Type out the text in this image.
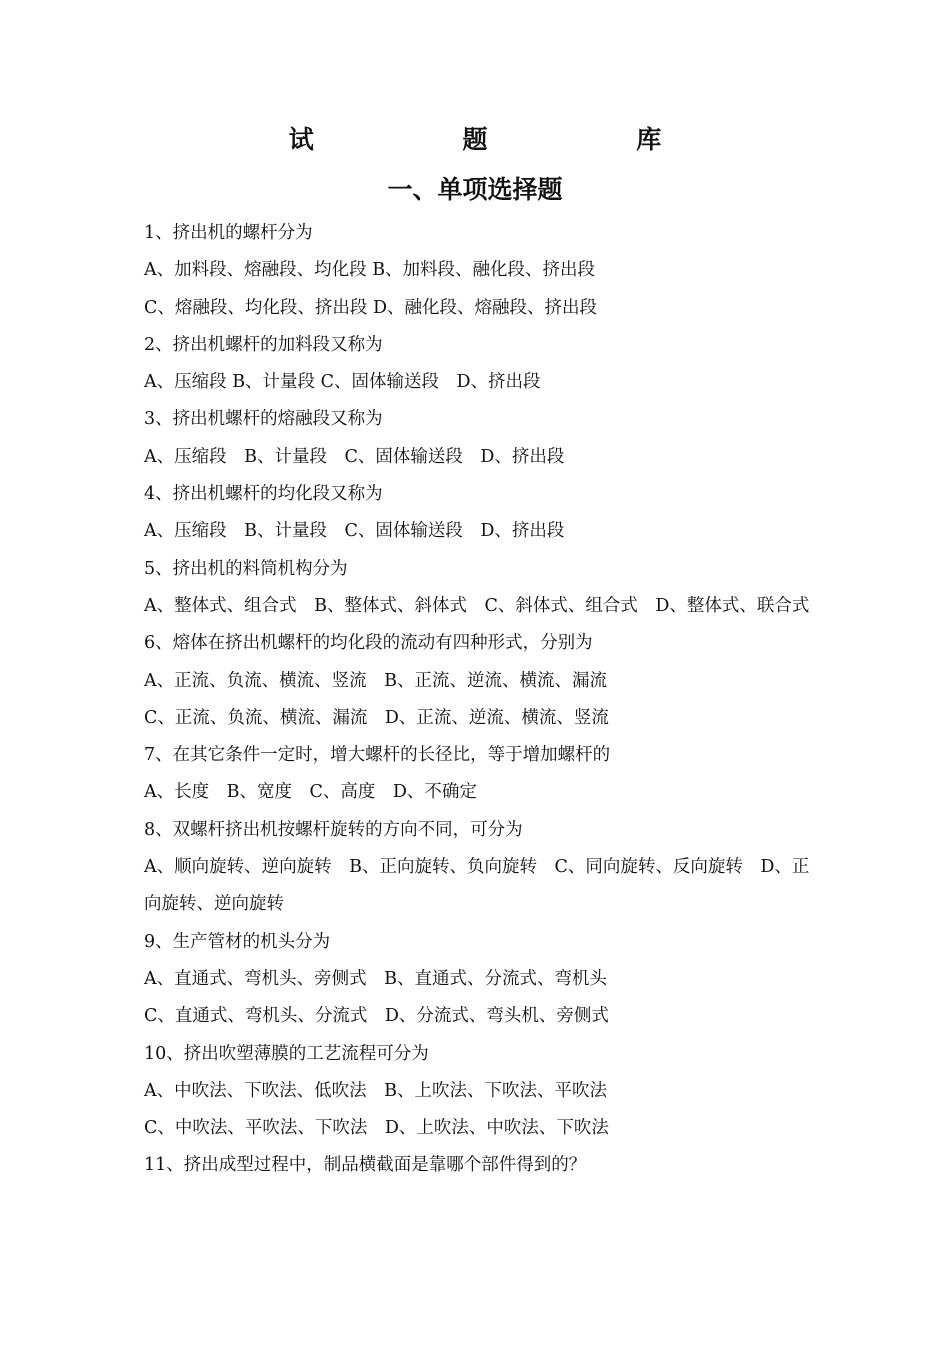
试 题 库
一、单项选择题

1、挤出机的螺杆分为

A、加料段、熔融段、均化段 B、加料段、融化段、挤出段

C、熔融段、均化段、挤出段 D、融化段、熔融段、挤出段

2、挤出机螺杆的加料段又称为

A、压缩段 B、计量段 C、固体输送段　D、挤出段

3、挤出机螺杆的熔融段又称为

A、压缩段　B、计量段　C、固体输送段　D、挤出段

4、挤出机螺杆的均化段又称为

A、压缩段　B、计量段　C、固体输送段　D、挤出段

5、挤出机的料筒机构分为

A、整体式、组合式　B、整体式、斜体式　C、斜体式、组合式　D、整体式、联合式

6、熔体在挤出机螺杆的均化段的流动有四种形式，分别为

A、正流、负流、横流、竖流　B、正流、逆流、横流、漏流

C、正流、负流、横流、漏流　D、正流、逆流、横流、竖流

7、在其它条件一定时，增大螺杆的长径比，等于增加螺杆的

A、长度　B、宽度　C、高度　D、不确定

8、双螺杆挤出机按螺杆旋转的方向不同，可分为

A、顺向旋转、逆向旋转　B、正向旋转、负向旋转　C、同向旋转、反向旋转　D、正向旋转、逆向旋转

9、生产管材的机头分为

A、直通式、弯机头、旁侧式　B、直通式、分流式、弯机头

C、直通式、弯机头、分流式　D、分流式、弯头机、旁侧式

10、挤出吹塑薄膜的工艺流程可分为

A、中吹法、下吹法、低吹法　B、上吹法、下吹法、平吹法

C、中吹法、平吹法、下吹法　D、上吹法、中吹法、下吹法

11、挤出成型过程中，制品横截面是靠哪个部件得到的？
